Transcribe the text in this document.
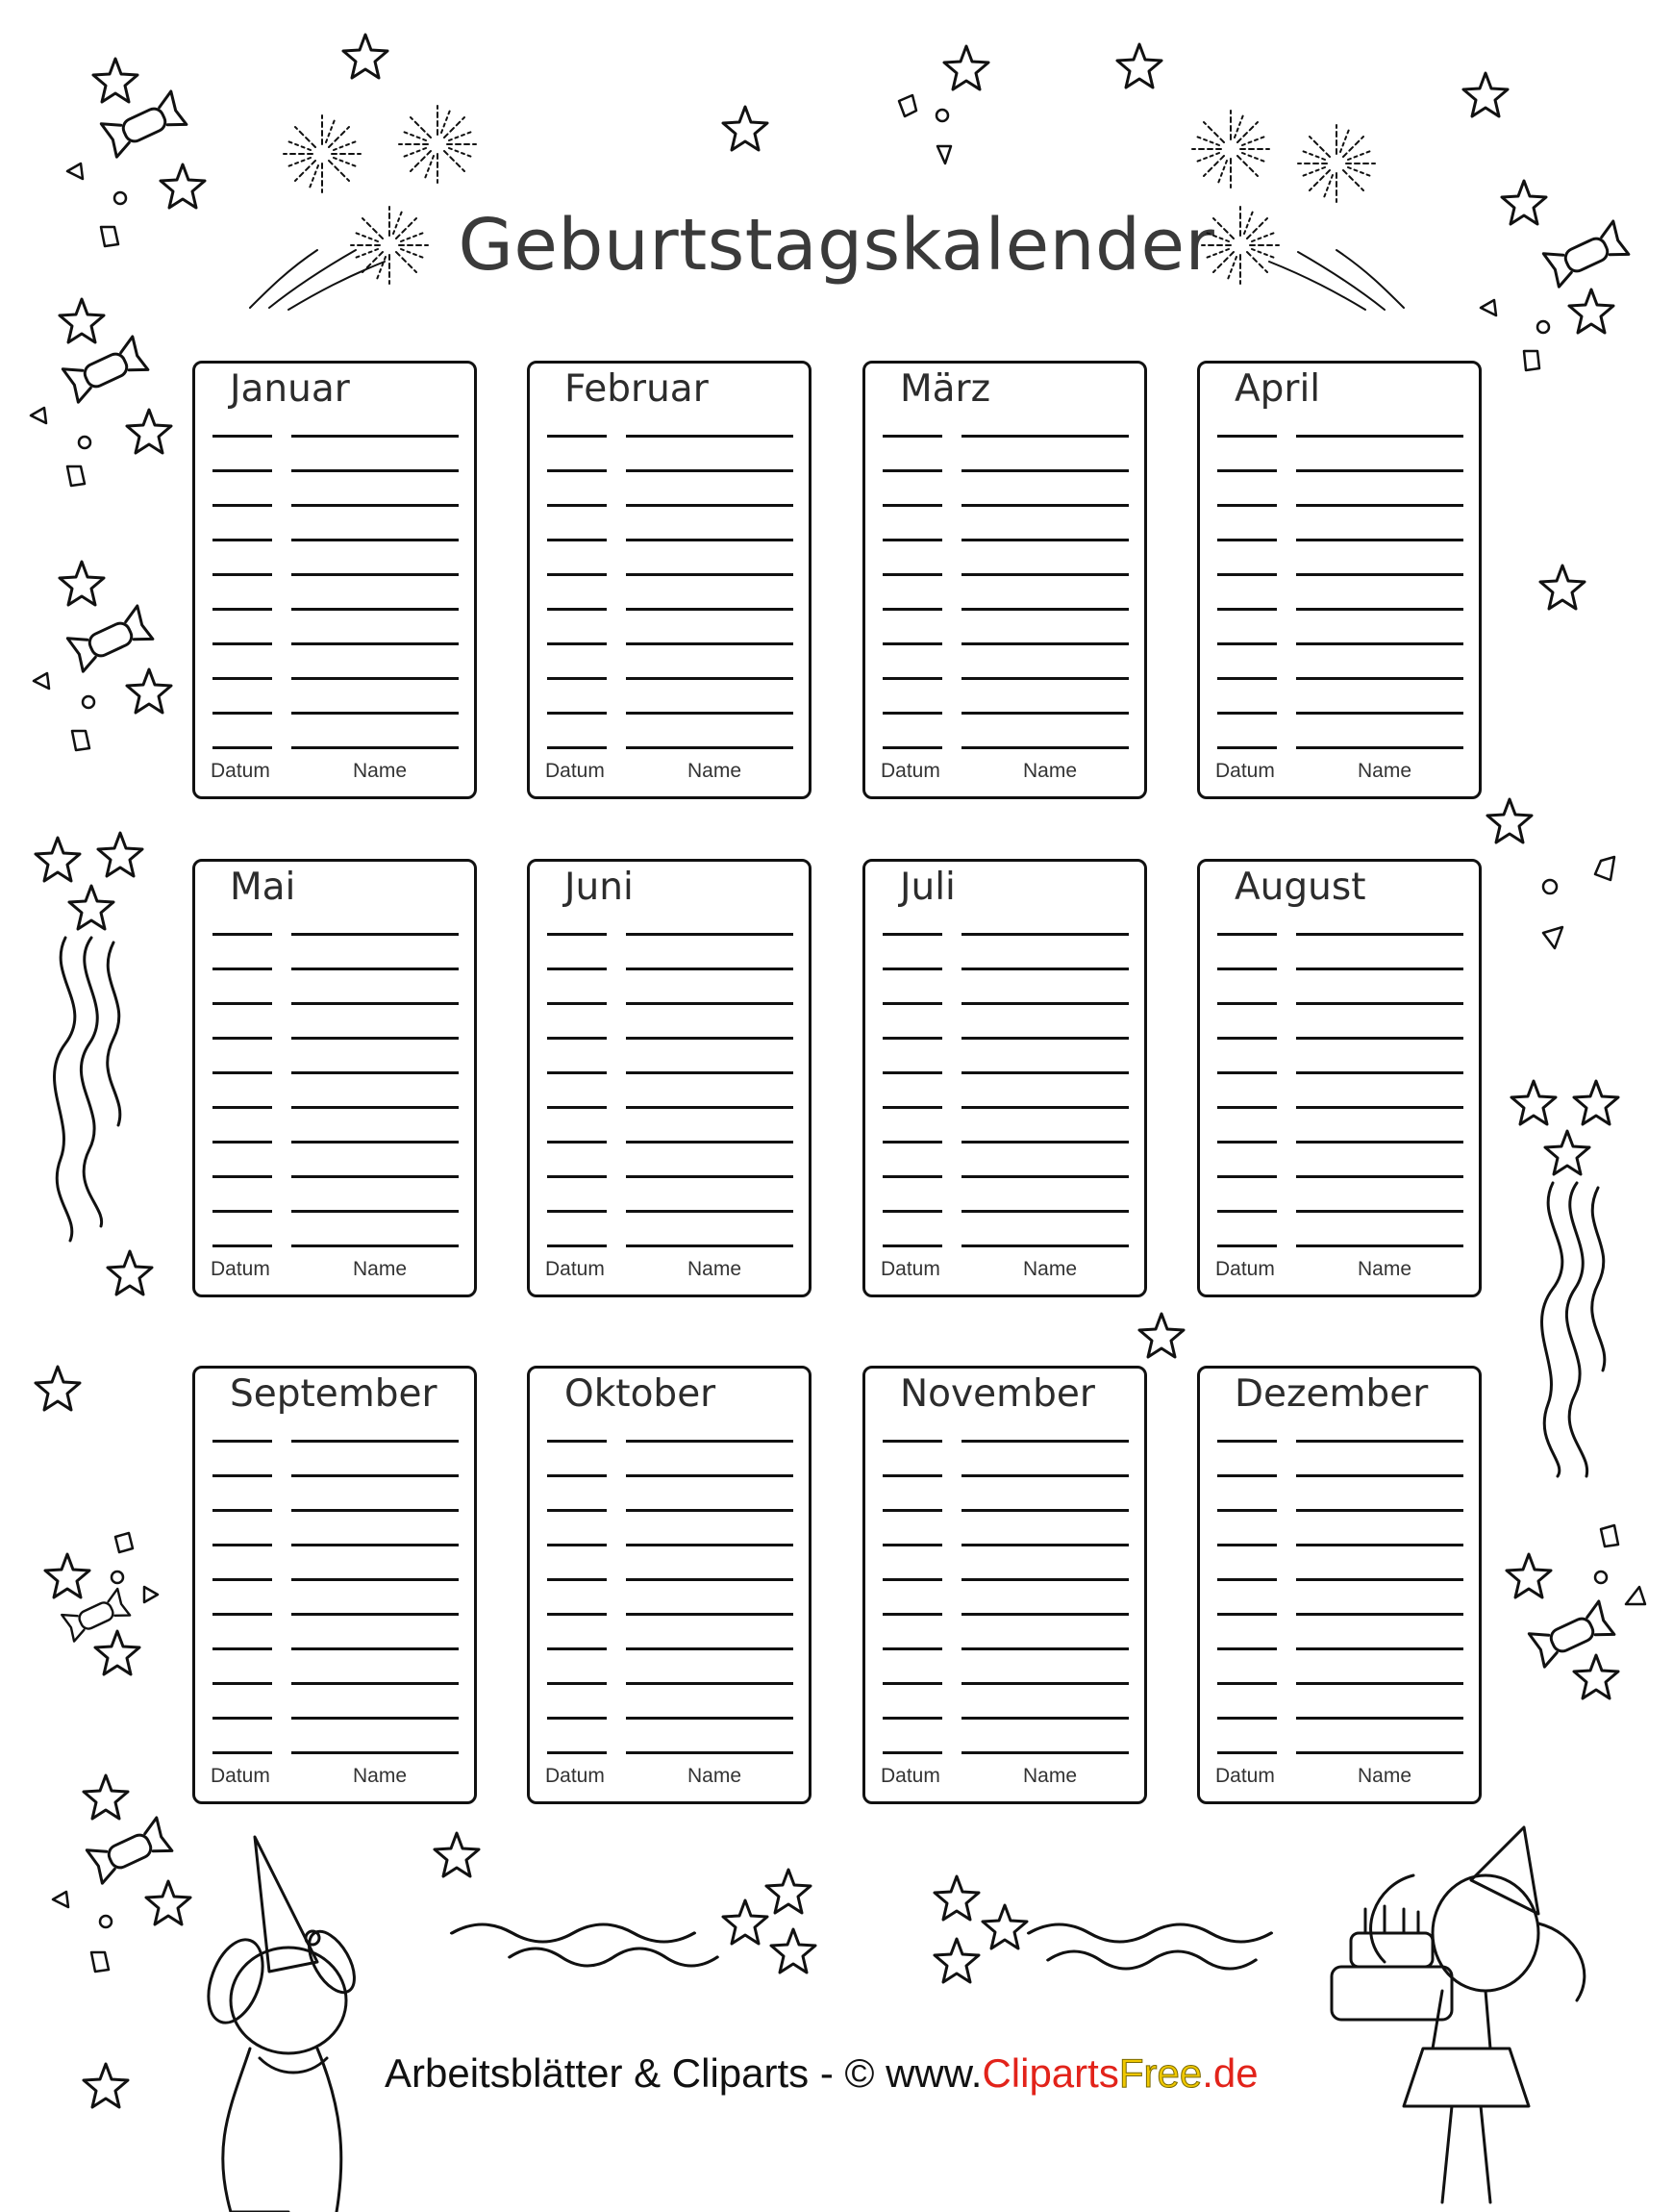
Geburtstagskalender
Januar
Datum	Name
Februar
Datum	Name
März
Datum	Name
April
Datum	Name
Mai
Datum	Name
Juni
Datum	Name
Juli
Datum	Name
August
Datum	Name
September
Datum	Name
Oktober
Datum	Name
November
Datum	Name
Dezember
Datum	Name
Arbeitsblätter & Cliparts - © www.ClipartsFree.de
